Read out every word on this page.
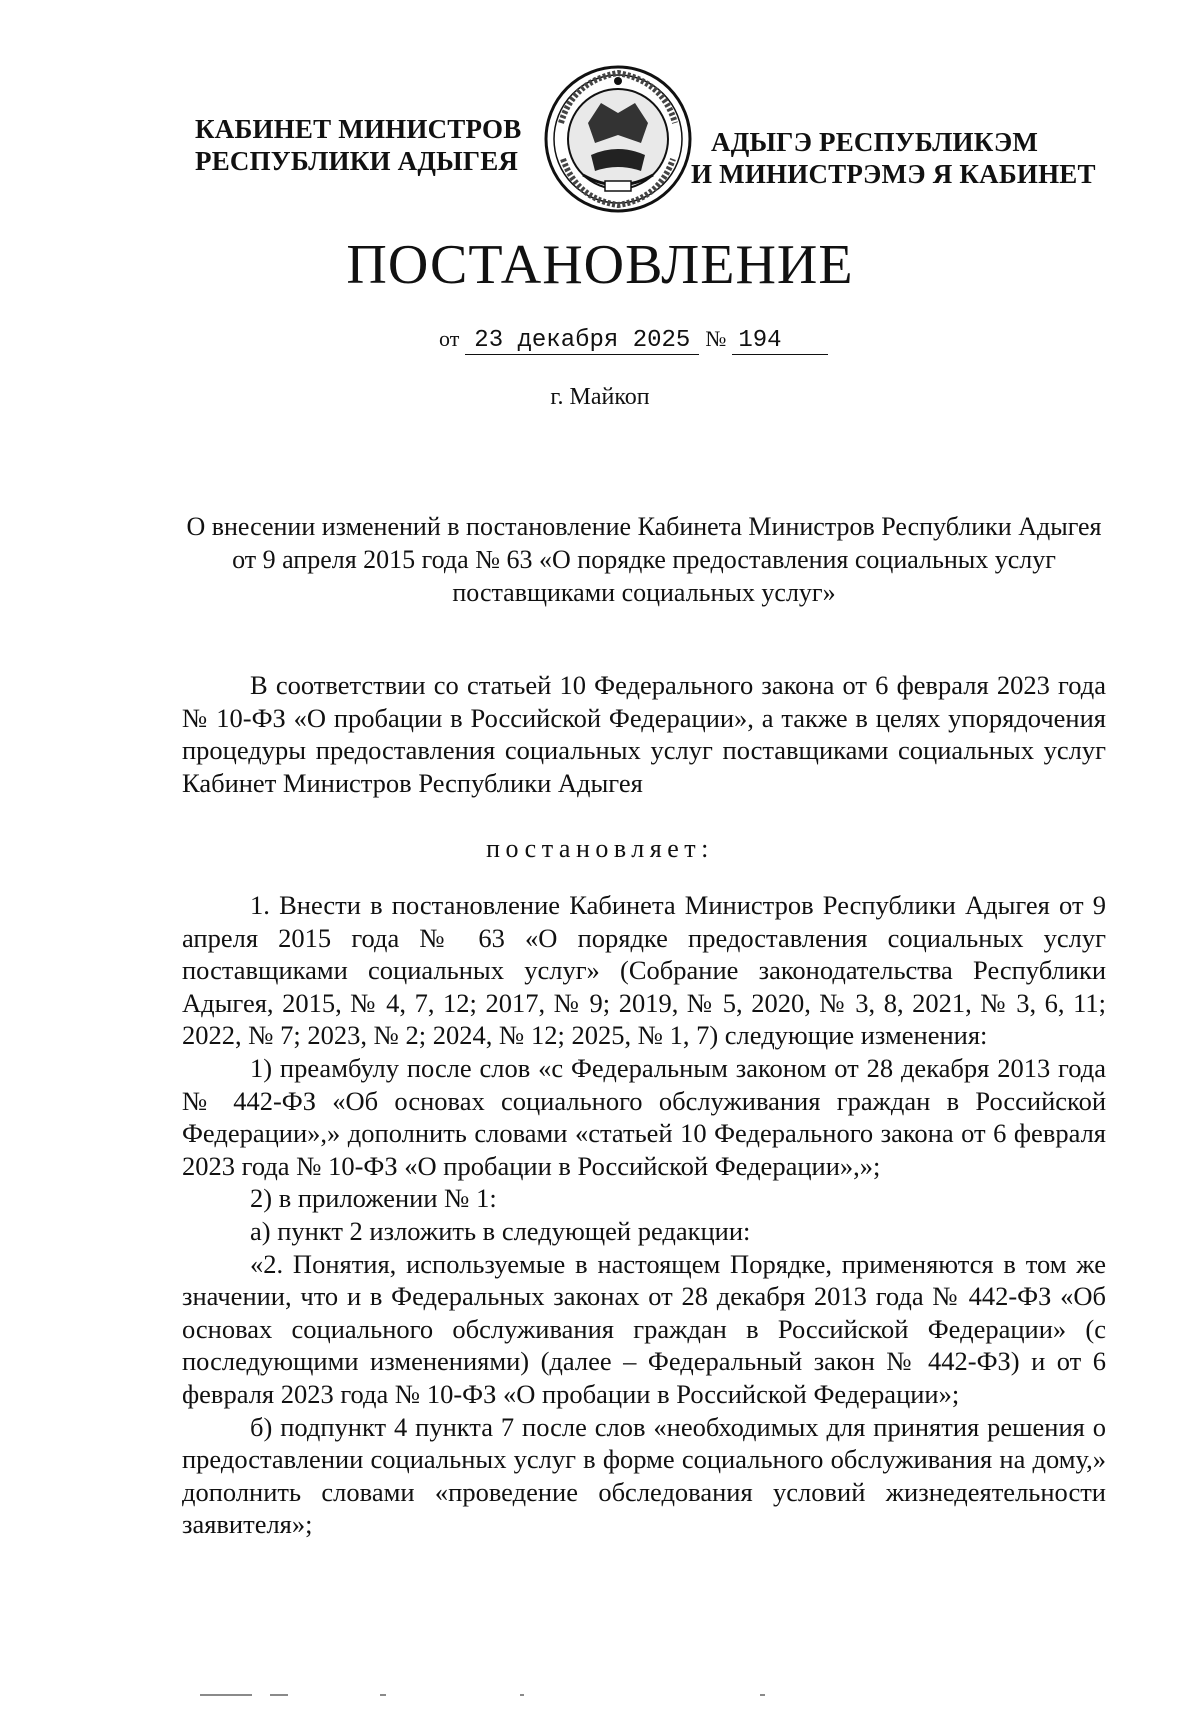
КАБИНЕТ МИНИСТРОВ
РЕСПУБЛИКИ АДЫГЕЯ
АДЫГЭ РЕСПУБЛИКЭМ
И МИНИСТРЭМЭ Я КАБИНЕТ
ПОСТАНОВЛЕНИЕ
от 23 декабря 2025 № 194
г. Майкоп
О внесении изменений в постановление Кабинета Министров Республики Адыгея от 9 апреля 2015 года № 63 «О порядке предоставления социальных услуг поставщиками социальных услуг»

В соответствии со статьей 10 Федерального закона от 6 февраля 2023 года № 10-ФЗ «О пробации в Российской Федерации», а также в целях упорядочения процедуры предоставления социальных услуг поставщиками социальных услуг Кабинет Министров Республики Адыгея

постановляет:

1. Внести в постановление Кабинета Министров Республики Адыгея от 9 апреля 2015 года № 63 «О порядке предоставления социальных услуг поставщиками социальных услуг» (Собрание законодательства Республики Адыгея, 2015, № 4, 7, 12; 2017, № 9; 2019, № 5, 2020, № 3, 8, 2021, № 3, 6, 11; 2022, № 7; 2023, № 2; 2024, № 12; 2025, № 1, 7) следующие изменения:

1) преамбулу после слов «с Федеральным законом от 28 декабря 2013 года № 442-ФЗ «Об основах социального обслуживания граждан в Российской Федерации»,» дополнить словами «статьей 10 Федерального закона от 6 февраля 2023 года № 10-ФЗ «О пробации в Российской Федерации»,»;

2) в приложении № 1:

а) пункт 2 изложить в следующей редакции:

«2. Понятия, используемые в настоящем Порядке, применяются в том же значении, что и в Федеральных законах от 28 декабря 2013 года № 442-ФЗ «Об основах социального обслуживания граждан в Российской Федерации» (с последующими изменениями) (далее – Федеральный закон № 442-ФЗ) и от 6 февраля 2023 года № 10-ФЗ «О пробации в Российской Федерации»;

б) подпункт 4 пункта 7 после слов «необходимых для принятия решения о предоставлении социальных услуг в форме социального обслуживания на дому,» дополнить словами «проведение обследования условий жизнедеятельности заявителя»;
